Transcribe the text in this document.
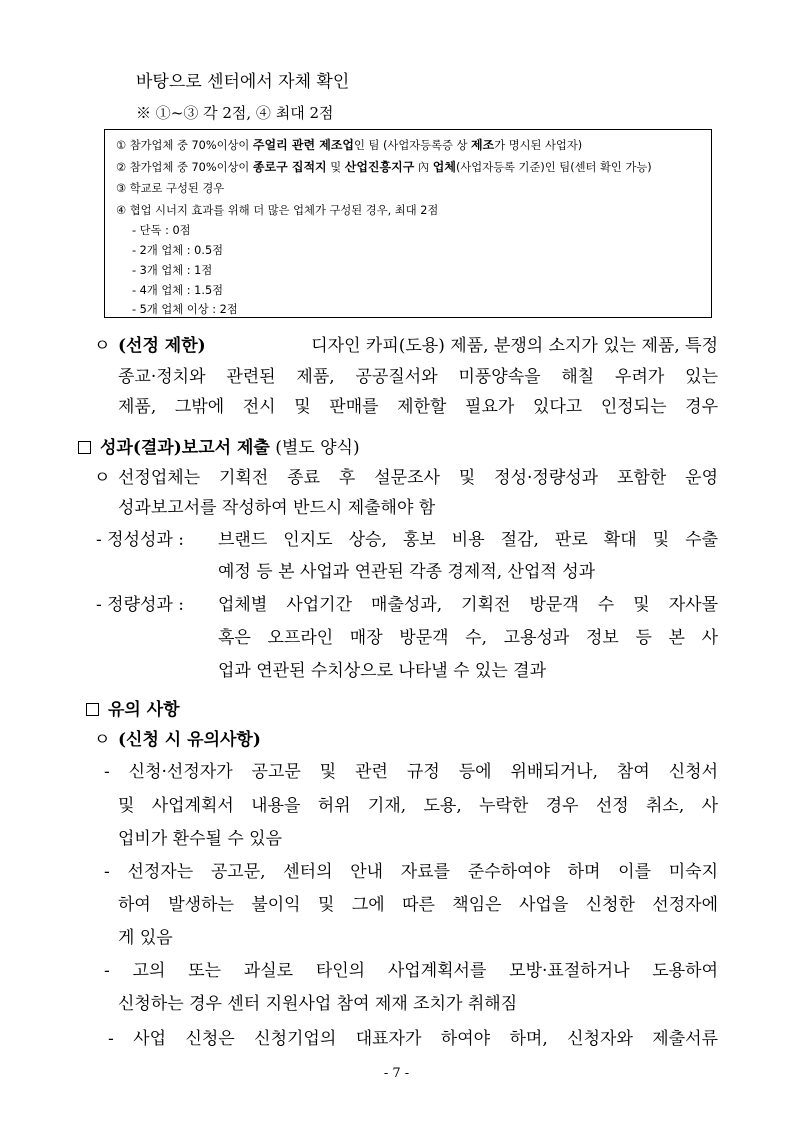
바탕으로 센터에서 자체 확인
※ ①~③ 각 2점, ④ 최대 2점
① 참가업체 중 70%이상이 주얼리 관련 제조업인 팀 (사업자등록증 상 제조가 명시된 사업자)
② 참가업체 중 70%이상이 종로구 집적지 및 산업진흥지구 內 업체(사업자등록 기준)인 팀(센터 확인 가능)
③ 학교로 구성된 경우
④ 협업 시너지 효과를 위해 더 많은 업체가 구성된 경우, 최대 2점
- 단독 : 0점
- 2개 업체 : 0.5점
- 3개 업체 : 1점
- 4개 업체 : 1.5점
- 5개 업체 이상 : 2점
ㅇ (선정 제한)	디자인 카피(도용) 제품, 분쟁의 소지가 있는 제품, 특정
종교·정치와 관련된 제품, 공공질서와 미풍양속을 해칠 우려가 있는
제품, 그밖에 전시 및 판매를 제한할 필요가 있다고 인정되는 경우
성과(결과)보고서 제출 (별도 양식)
ㅇ 선정업체는 기획전 종료 후 설문조사 및 정성·정량성과 포함한 운영
성과보고서를 작성하여 반드시 제출해야 함
- 정성성과 : 브랜드 인지도 상승, 홍보 비용 절감, 판로 확대 및 수출
예정 등 본 사업과 연관된 각종 경제적, 산업적 성과
- 정량성과 : 업체별 사업기간 매출성과, 기획전 방문객 수 및 자사몰
혹은 오프라인 매장 방문객 수, 고용성과 정보 등 본 사
업과 연관된 수치상으로 나타낼 수 있는 결과
유의 사항
ㅇ (신청 시 유의사항)
- 신청·선정자가 공고문 및 관련 규정 등에 위배되거나, 참여 신청서
및 사업계획서 내용을 허위 기재, 도용, 누락한 경우 선정 취소, 사
업비가 환수될 수 있음
- 선정자는 공고문, 센터의 안내 자료를 준수하여야 하며 이를 미숙지
하여 발생하는 불이익 및 그에 따른 책임은 사업을 신청한 선정자에
게 있음
- 고의 또는 과실로 타인의 사업계획서를 모방·표절하거나 도용하여
신청하는 경우 센터 지원사업 참여 제재 조치가 취해짐
- 사업 신청은 신청기업의 대표자가 하여야 하며, 신청자와 제출서류
- 7 -
